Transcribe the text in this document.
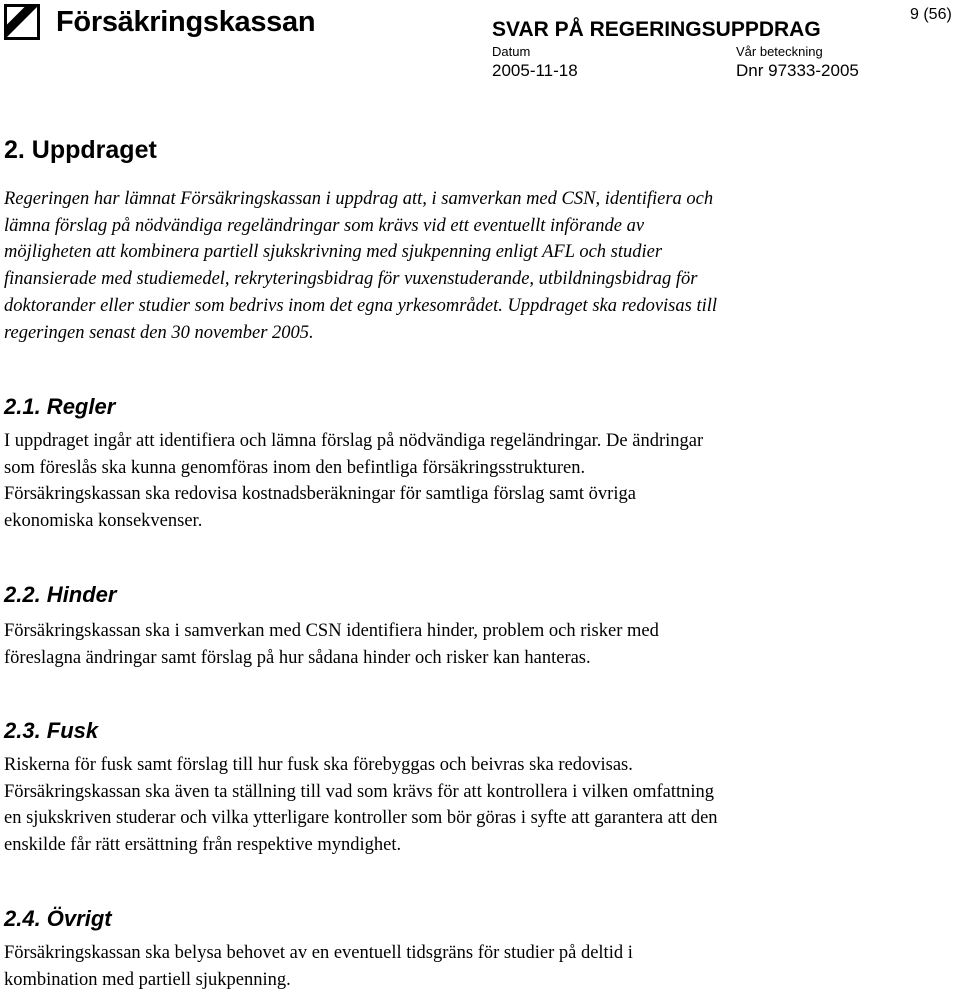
Försäkringskassan	SVAR PÅ REGERINGSUPPDRAG
9 (56)
Datum
2005-11-18
Vår beteckning
Dnr 97333-2005
2. Uppdraget

Regeringen har lämnat Försäkringskassan i uppdrag att, i samverkan med CSN, identifiera och lämna förslag på nödvändiga regeländringar som krävs vid ett eventuellt införande av möjligheten att kombinera partiell sjukskrivning med sjukpenning enligt AFL och studier finansierade med studiemedel, rekryteringsbidrag för vuxenstuderande, utbildningsbidrag för doktorander eller studier som bedrivs inom det egna yrkesområdet. Uppdraget ska redovisas till regeringen senast den 30 november 2005.

2.1. Regler

I uppdraget ingår att identifiera och lämna förslag på nödvändiga regeländringar. De ändringar som föreslås ska kunna genomföras inom den befintliga försäkringsstrukturen. Försäkringskassan ska redovisa kostnadsberäkningar för samtliga förslag samt övriga ekonomiska konsekvenser.

2.2. Hinder

Försäkringskassan ska i samverkan med CSN identifiera hinder, problem och risker med föreslagna ändringar samt förslag på hur sådana hinder och risker kan hanteras.

2.3. Fusk

Riskerna för fusk samt förslag till hur fusk ska förebyggas och beivras ska redovisas. Försäkringskassan ska även ta ställning till vad som krävs för att kontrollera i vilken omfattning en sjukskriven studerar och vilka ytterligare kontroller som bör göras i syfte att garantera att den enskilde får rätt ersättning från respektive myndighet.

2.4. Övrigt

Försäkringskassan ska belysa behovet av en eventuell tidsgräns för studier på deltid i kombination med partiell sjukpenning.
